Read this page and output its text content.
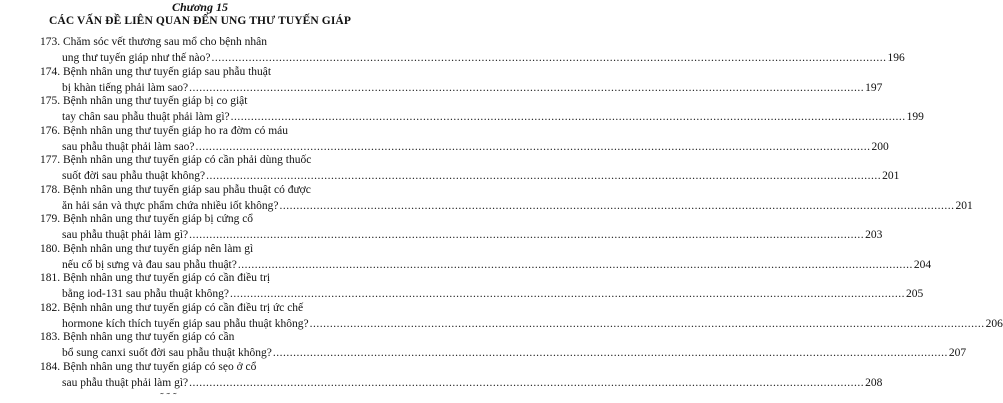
Chương 15
CÁC VẤN ĐỀ LIÊN QUAN ĐẾN UNG THƯ TUYẾN GIÁP
173. Chăm sóc vết thương sau mổ cho bệnh nhân
ung thư tuyến giáp như thế nào? ........................................................................................................................................................................................................ 196
174. Bệnh nhân ung thư tuyến giáp sau phẫu thuật
bị khàn tiếng phải làm sao? ........................................................................................................................................................................................................ 197
175. Bệnh nhân ung thư tuyến giáp bị co giật
tay chân sau phẫu thuật phải làm gì? ........................................................................................................................................................................................................ 199
176. Bệnh nhân ung thư tuyến giáp ho ra đờm có máu
sau phẫu thuật phải làm sao? ........................................................................................................................................................................................................ 200
177. Bệnh nhân ung thư tuyến giáp có cần phải dùng thuốc
suốt đời sau phẫu thuật không? ........................................................................................................................................................................................................ 201
178. Bệnh nhân ung thư tuyến giáp sau phẫu thuật có được
ăn hải sản và thực phẩm chứa nhiều iốt không? ........................................................................................................................................................................................................ 201
179. Bệnh nhân ung thư tuyến giáp bị cứng cổ
sau phẫu thuật phải làm gì? ........................................................................................................................................................................................................ 203
180. Bệnh nhân ung thư tuyến giáp nên làm gì
nếu cổ bị sưng và đau sau phẫu thuật? ........................................................................................................................................................................................................ 204
181. Bệnh nhân ung thư tuyến giáp có cần điều trị
bằng iod-131 sau phẫu thuật không? ........................................................................................................................................................................................................ 205
182. Bệnh nhân ung thư tuyến giáp có cần điều trị ức chế
hormone kích thích tuyến giáp sau phẫu thuật không? ........................................................................................................................................................................................................ 206
183. Bệnh nhân ung thư tuyến giáp có cần
bổ sung canxi suốt đời sau phẫu thuật không? ........................................................................................................................................................................................................ 207
184. Bệnh nhân ung thư tuyến giáp có sẹo ở cổ
sau phẫu thuật phải làm gì? ........................................................................................................................................................................................................ 208
˜ ˜ ˜
